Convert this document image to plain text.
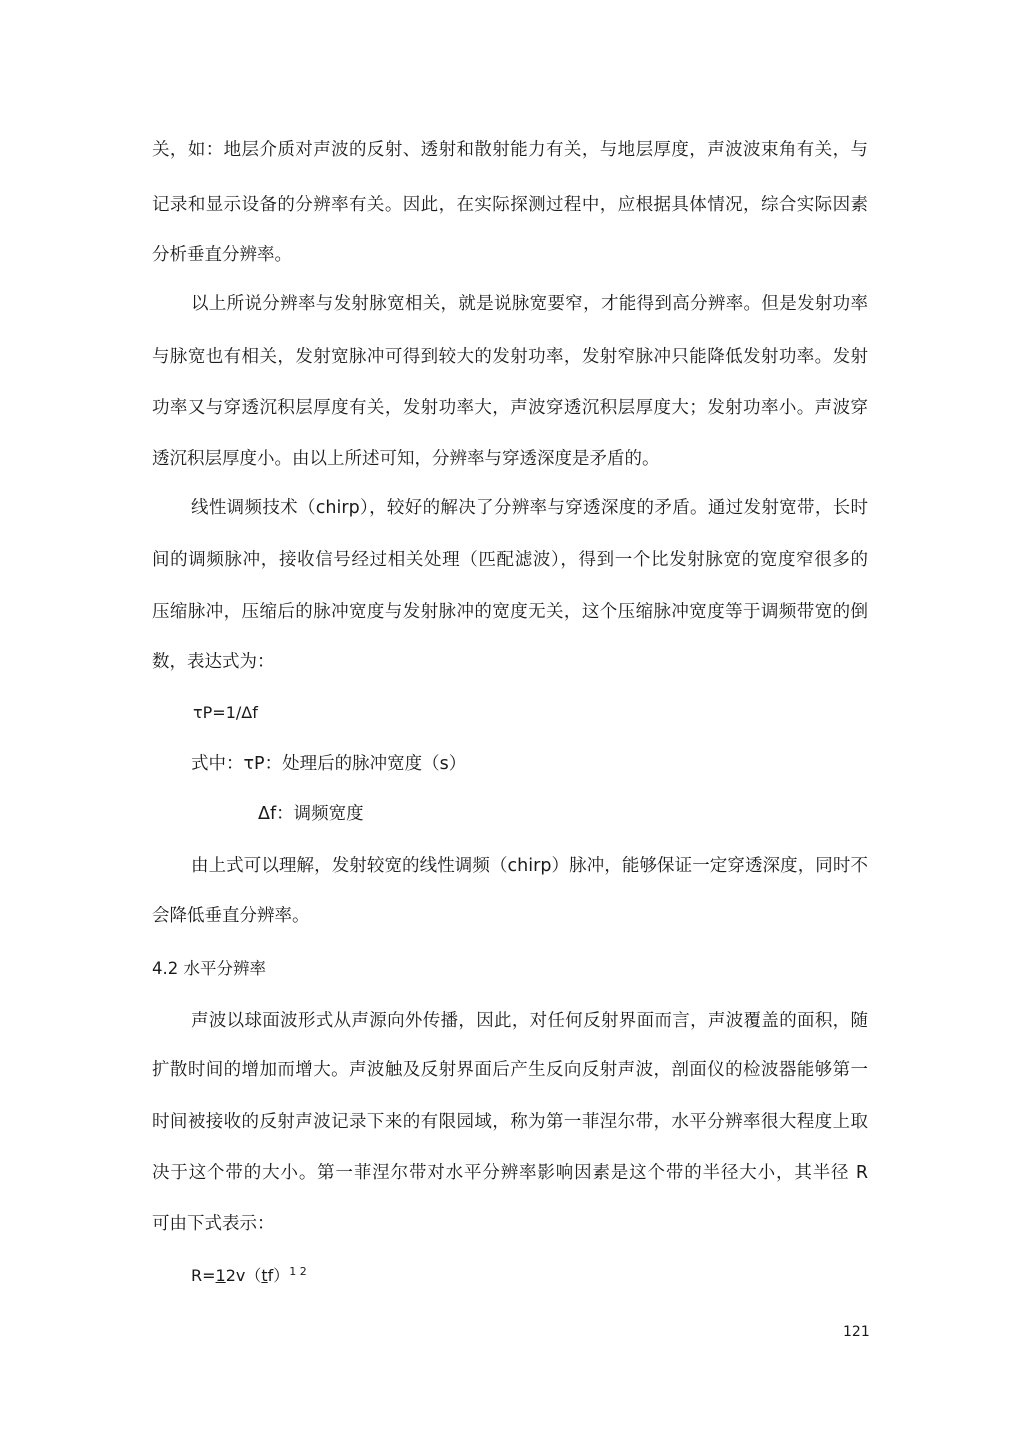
关，如：地层介质对声波的反射、透射和散射能力有关，与地层厚度，声波波束角有关，与
记录和显示设备的分辨率有关。因此，在实际探测过程中，应根据具体情况，综合实际因素
分析垂直分辨率。
以上所说分辨率与发射脉宽相关，就是说脉宽要窄，才能得到高分辨率。但是发射功率
与脉宽也有相关，发射宽脉冲可得到较大的发射功率，发射窄脉冲只能降低发射功率。发射
功率又与穿透沉积层厚度有关，发射功率大，声波穿透沉积层厚度大；发射功率小。声波穿
透沉积层厚度小。由以上所述可知，分辨率与穿透深度是矛盾的。
线性调频技术（chirp），较好的解决了分辨率与穿透深度的矛盾。通过发射宽带，长时
间的调频脉冲，接收信号经过相关处理（匹配滤波），得到一个比发射脉宽的宽度窄很多的
压缩脉冲，压缩后的脉冲宽度与发射脉冲的宽度无关，这个压缩脉冲宽度等于调频带宽的倒
数，表达式为：
τP=1/Δf
式中：τP：处理后的脉冲宽度（s）
Δf：调频宽度
由上式可以理解，发射较宽的线性调频（chirp）脉冲，能够保证一定穿透深度，同时不
会降低垂直分辨率。
4.2 水平分辨率
声波以球面波形式从声源向外传播，因此，对任何反射界面而言，声波覆盖的面积，随
扩散时间的增加而增大。声波触及反射界面后产生反向反射声波，剖面仪的检波器能够第一
时间被接收的反射声波记录下来的有限园域，称为第一菲涅尔带，水平分辨率很大程度上取
决于这个带的大小。第一菲涅尔带对水平分辨率影响因素是这个带的半径大小，其半径 R
可由下式表示：
R=12v（tf）1 2
121
